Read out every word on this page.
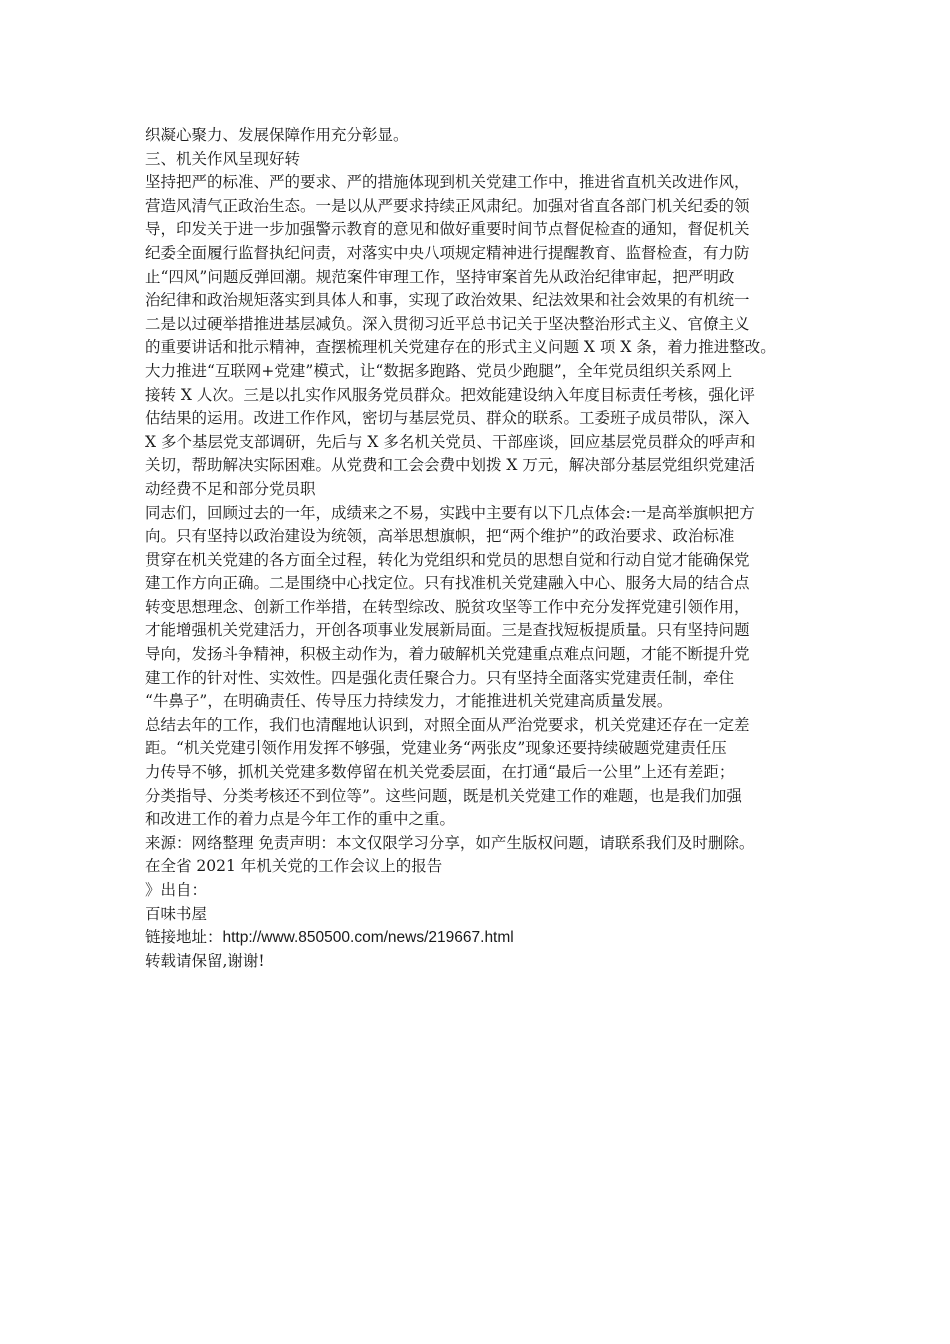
织凝心聚力、发展保障作用充分彰显。
三、机关作风呈现好转
坚持把严的标准、严的要求、严的措施体现到机关党建工作中，推进省直机关改进作风，
营造风清气正政治生态。一是以从严要求持续正风肃纪。加强对省直各部门机关纪委的领
导，印发关于进一步加强警示教育的意见和做好重要时间节点督促检查的通知，督促机关
纪委全面履行监督执纪问责，对落实中央八项规定精神进行提醒教育、监督检查，有力防
止“四风”问题反弹回潮。规范案件审理工作，坚持审案首先从政治纪律审起，把严明政
治纪律和政治规矩落实到具体人和事，实现了政治效果、纪法效果和社会效果的有机统一
二是以过硬举措推进基层减负。深入贯彻习近平总书记关于坚决整治形式主义、官僚主义
的重要讲话和批示精神，查摆梳理机关党建存在的形式主义问题 X 项 X 条，着力推进整改。
大力推进“互联网+党建”模式，让“数据多跑路、党员少跑腿”，全年党员组织关系网上
接转 X 人次。三是以扎实作风服务党员群众。把效能建设纳入年度目标责任考核，强化评
估结果的运用。改进工作作风，密切与基层党员、群众的联系。工委班子成员带队，深入
X 多个基层党支部调研，先后与 X 多名机关党员、干部座谈，回应基层党员群众的呼声和
关切，帮助解决实际困难。从党费和工会会费中划拨 X 万元，解决部分基层党组织党建活
动经费不足和部分党员职
同志们，回顾过去的一年，成绩来之不易，实践中主要有以下几点体会:一是高举旗帜把方
向。只有坚持以政治建设为统领，高举思想旗帜，把“两个维护”的政治要求、政治标准
贯穿在机关党建的各方面全过程，转化为党组织和党员的思想自觉和行动自觉才能确保党
建工作方向正确。二是围绕中心找定位。只有找准机关党建融入中心、服务大局的结合点
转变思想理念、创新工作举措，在转型综改、脱贫攻坚等工作中充分发挥党建引领作用，
才能增强机关党建活力，开创各项事业发展新局面。三是查找短板提质量。只有坚持问题
导向，发扬斗争精神，积极主动作为，着力破解机关党建重点难点问题，才能不断提升党
建工作的针对性、实效性。四是强化责任聚合力。只有坚持全面落实党建责任制，牵住
“牛鼻子”，在明确责任、传导压力持续发力，才能推进机关党建高质量发展。
总结去年的工作，我们也清醒地认识到，对照全面从严治党要求，机关党建还存在一定差
距。“机关党建引领作用发挥不够强，党建业务“两张皮”现象还要持续破题党建责任压
力传导不够，抓机关党建多数停留在机关党委层面，在打通“最后一公里”上还有差距；
分类指导、分类考核还不到位等”。这些问题，既是机关党建工作的难题，也是我们加强
和改进工作的着力点是今年工作的重中之重。
来源：网络整理 免责声明：本文仅限学习分享，如产生版权问题，请联系我们及时删除。
在全省 2021 年机关党的工作会议上的报告
》出自：
百味书屋
链接地址：http://www.850500.com/news/219667.html
转载请保留,谢谢!
